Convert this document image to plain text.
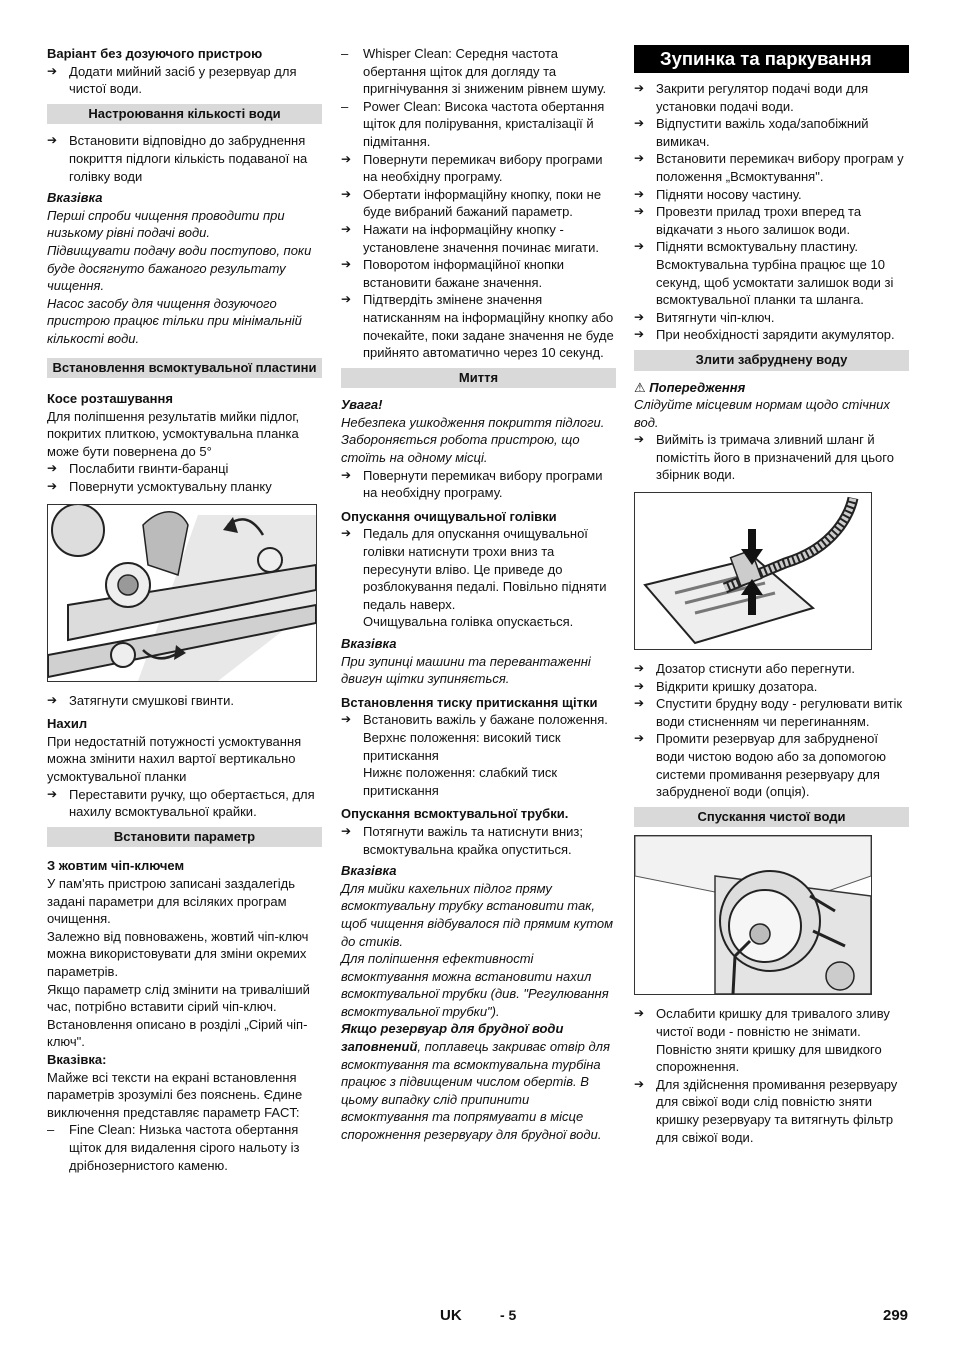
Варіант без дозуючого пристрою
➔ Додати мийний засіб у резервуар для чистої води.
Настроювання кількості води
➔ Встановити відповідно до забруднення покриття підлоги кількість подаваної на голівку води
Вказівка
Перші спроби чищення проводити при низькому рівні подачі води.
Підвищувати подачу води поступово, поки буде досягнуто бажаного результату чищення.
Насос засобу для чищення дозуючого пристрою працює тільки при мінімальній кількості води.
Встановлення всмоктувальної пластини
Косе розташування
Для поліпшення результатів мийки підлог, покритих плиткою, усмоктувальна планка може бути повернена до 5°
➔ Послабити гвинти-баранці
➔ Повернути усмоктувальну планку
➔ Затягнути смушкові гвинти.
Нахил
При недостатній потужності усмоктування можна змінити нахил вартої вертикально усмоктувальної планки
➔ Переставити ручку, що обертається, для нахилу всмоктувальної крайки.
Встановити параметр
З жовтим чіп-ключем
У пам'ять пристрою записані заздалегідь задані параметри для всіляких програм очищення.
Залежно від повноважень, жовтий чіп-ключ можна використовувати для зміни окремих параметрів.
Якщо параметр слід змінити на триваліший час, потрібно вставити сірий чіп-ключ. Встановлення описано в розділі „Сірий чіп-ключ".
Вказівка:
Майже всі тексти на екрані встановлення параметрів зрозумілі без пояснень. Єдине виключення представляє параметр FACT:
–	Fine Clean: Низька частота обертання щіток для видалення сірого нальоту із дрібнозернистого каменю.
–	Whisper Clean: Середня частота обертання щіток для догляду та пригнічування зі зниженим рівнем шуму.
–	Power Clean: Висока частота обертання щіток для полірування, кристалізації й підмітання.
➔ Повернути перемикач вибору програми на необхідну програму.
➔ Обертати інформаційну кнопку, поки не буде вибраний бажаний параметр.
➔ Нажати на інформаційну кнопку - установлене значення починає мигати.
➔ Поворотом інформаційної кнопки встановити бажане значення.
➔ Підтвердіть змінене значення натисканням на інформаційну кнопку або почекайте, поки задане значення не буде прийнято автоматично через 10 секунд.
Миття
Увага!
Небезпека ушкодження покриття підлоги. Забороняється робота пристрою, що стоїть на одному місці.
➔ Повернути перемикач вибору програми на необхідну програму.
Опускання очищувальної голівки
➔ Педаль для опускання очищувальної голівки натиснути трохи вниз та пересунути вліво. Це приведе до розблокування педалі. Повільно підняти педаль наверх.
Очищувальна голівка опускається.
Вказівка
При зупинці машини та перевантаженні двигун щітки зупиняється.
Встановлення тиску притискання щітки
➔ Встановить важіль у бажане положення.
Верхнє положення: високий тиск притискання
Нижнє положення: слабкий тиск притискання
Опускання всмоктувальної трубки.
➔ Потягнути важіль та натиснути вниз; всмоктувальна крайка опуститься.
Вказівка
Для мийки кахельних підлог пряму всмоктувальну трубку встановити так, щоб чищення відбувалося під прямим кутом до стиків.
Для поліпшення ефективності всмоктування можна встановити нахил всмоктувальної трубки (див. "Регулювання всмоктувальної трубки").
Якщо резервуар для брудної води заповнений, поплавець закриває отвір для всмоктування та всмоктувальна турбіна працює з підвищеним числом обертів. В цьому випадку слід припинити всмоктування та попрямувати в місце спорожнення резервуару для брудної води.
Зупинка та паркування
➔ Закрити регулятор подачі води для установки подачі води.
➔ Відпустити важіль хода/запобіжний вимикач.
➔ Встановити перемикач вибору програм у положення „Всмоктування".
➔ Підняти носову частину.
➔ Провезти прилад трохи вперед та відкачати з нього залишок води.
➔ Підняти всмоктувальну пластину.
Всмоктувальна турбіна працює ще 10 секунд, щоб усмоктати залишок води зі всмоктувальної планки та шланга.
➔ Витягнути чіп-ключ.
➔ При необхідності зарядити акумулятор.
Злити забруднену воду
⚠ Попередження
Слідуйте місцевим нормам щодо стічних вод.
➔ Вийміть із тримача зливний шланг й помістіть його в призначений для цього збірник води.
➔ Дозатор стиснути або перегнути.
➔ Відкрити кришку дозатора.
➔ Спустити брудну воду - регулювати витік води стисненням чи перегинанням.
➔ Промити резервуар для забрудненої води чистою водою або за допомогою системи промивання резервуару для забрудненої води (опція).
Спускання чистої води
➔ Ослабити кришку для тривалого зливу чистої води - повністю не знімати.
Повністю зняти кришку для швидкого спорожнення.
➔ Для здійснення промивання резервуару для свіжої води слід повністю зняти кришку резервуару та витягнуть фільтр для свіжої води.
UK	- 5	299
